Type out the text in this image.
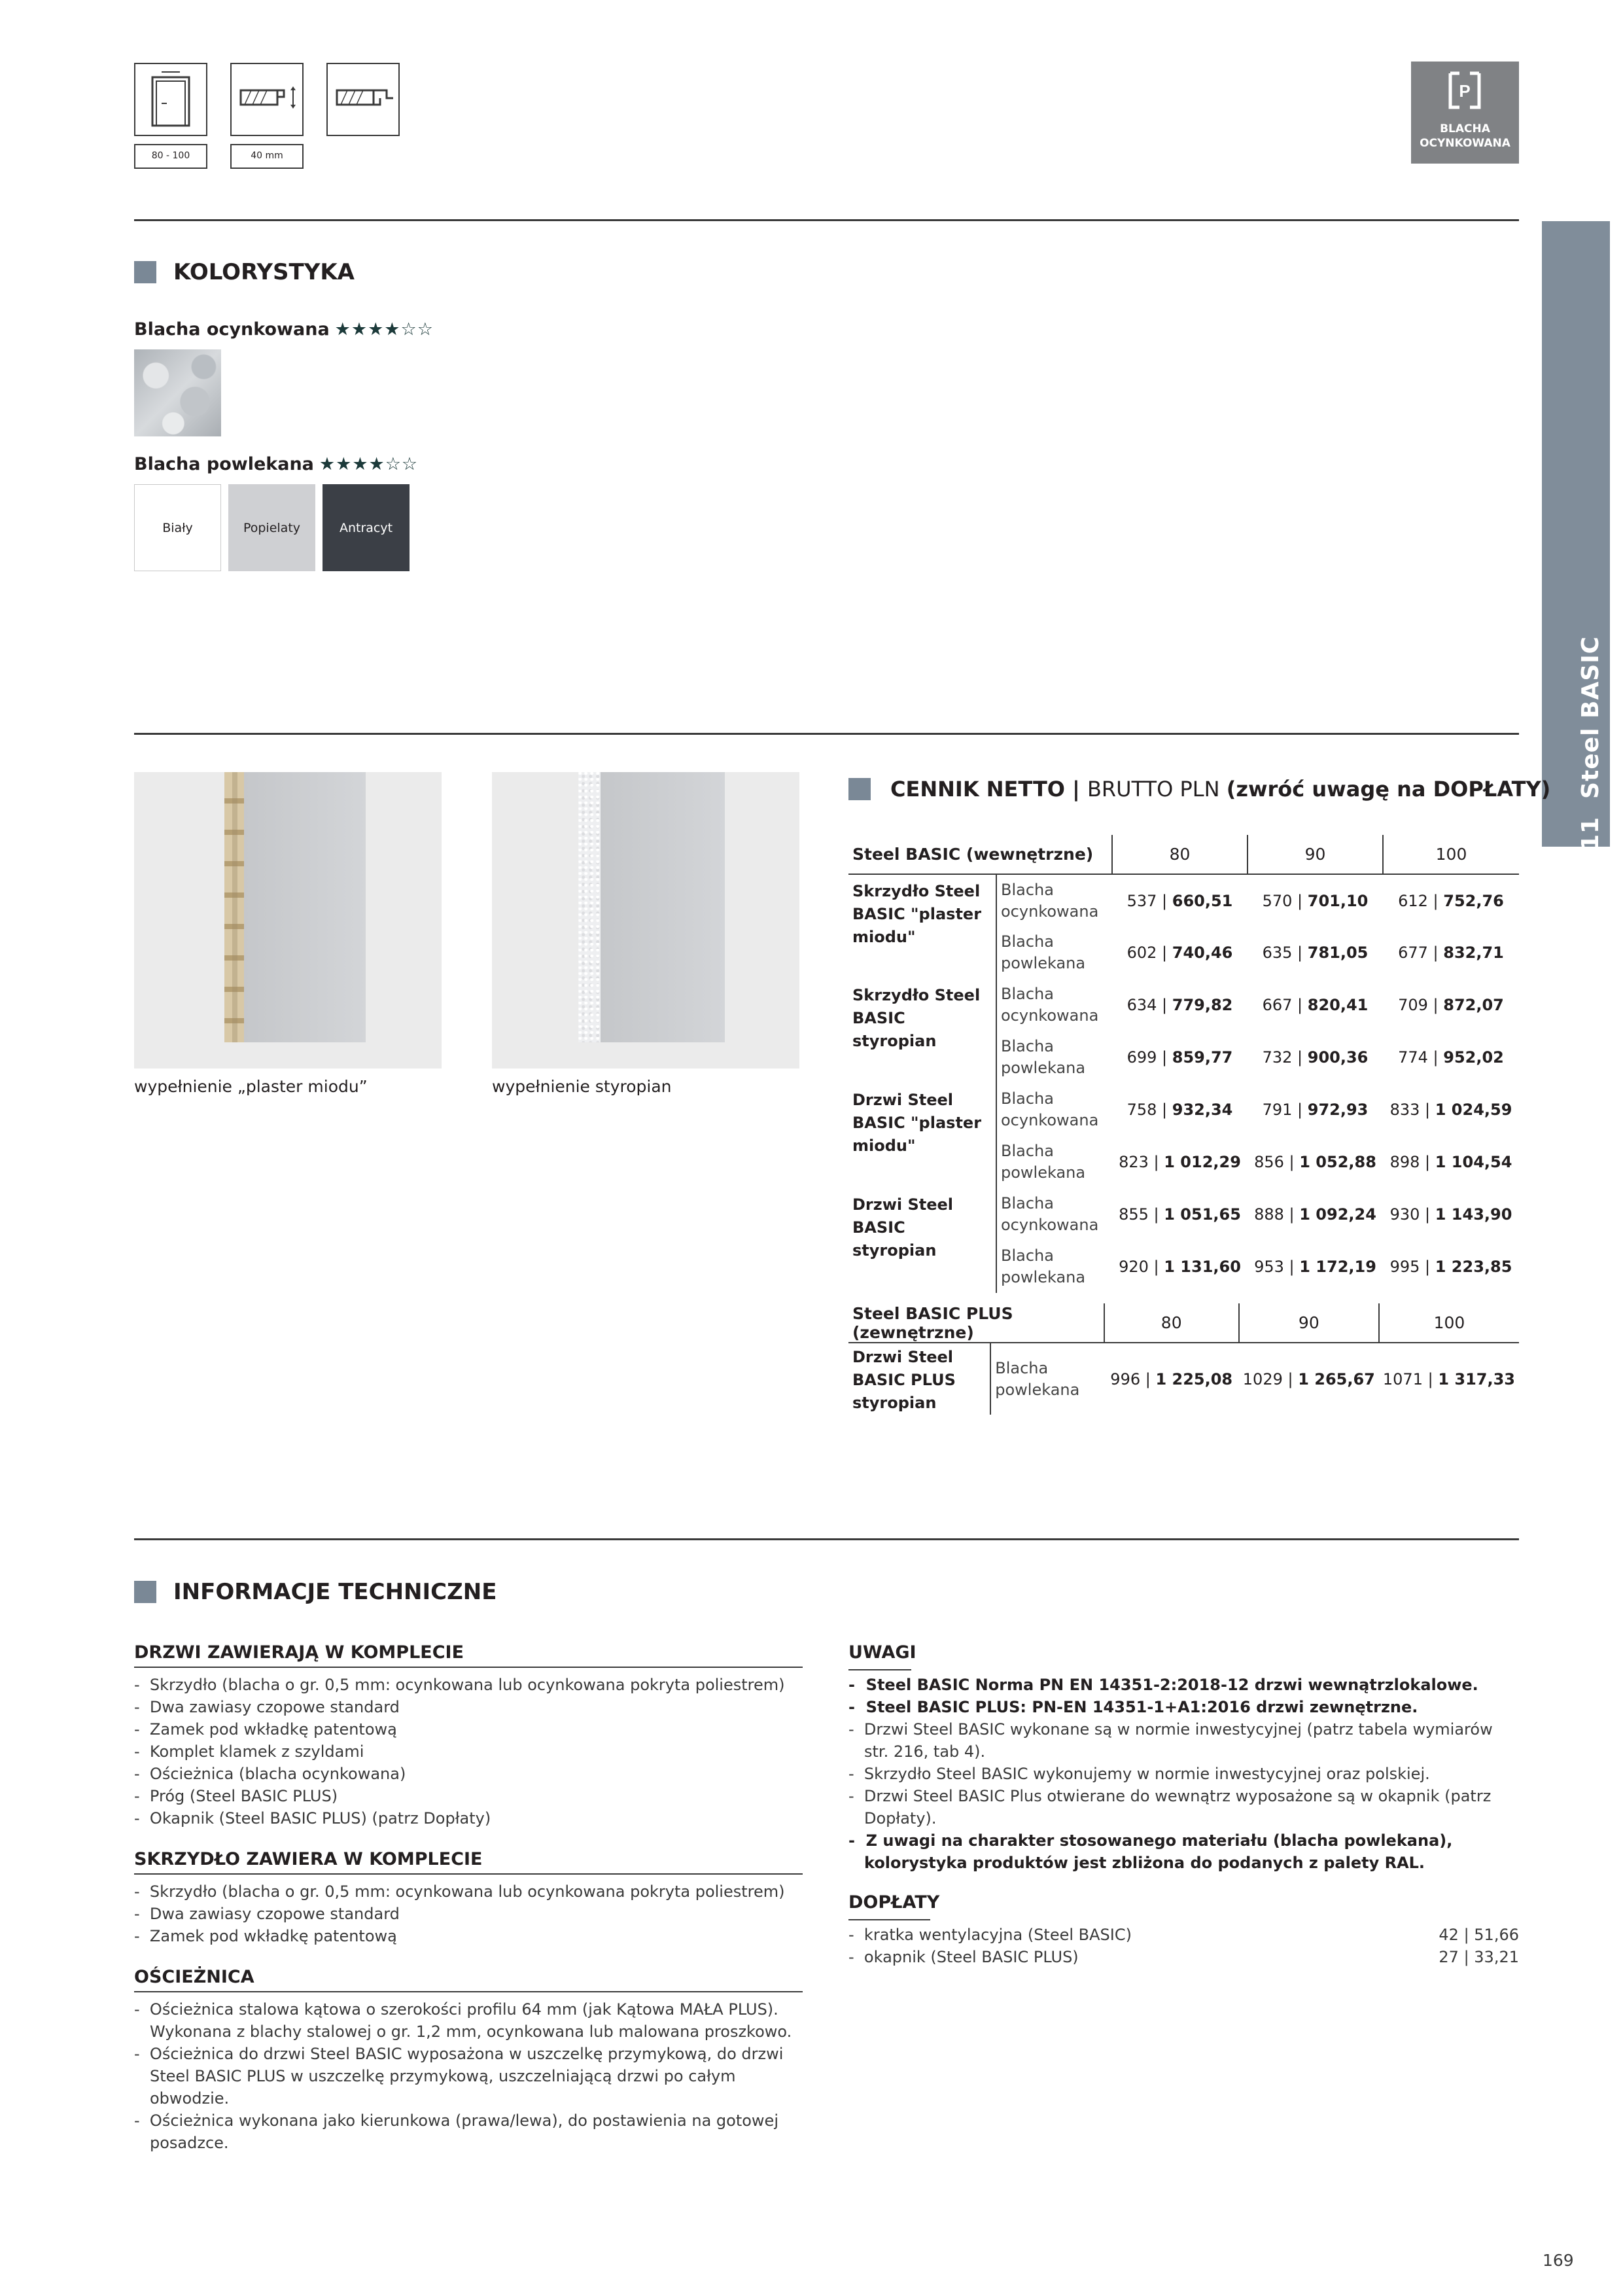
80 - 100	40 mm
P
BLACHA
OCYNKOWANA
11  Steel BASIC
KOLORYSTYKA
Blacha ocynkowana ★★★★☆☆
Blacha powlekana ★★★★☆☆
Biały	Popielaty	Antracyt
wypełnienie „plaster miodu”	wypełnienie styropian
CENNIK NETTO | BRUTTO PLN (zwróć uwagę na DOPŁATY)
Steel BASIC (wewnętrzne)		80	90	100
Skrzydło Steel BASIC "plaster miodu"	Blacha ocynkowana	537 | 660,51	570 | 701,10	612 | 752,76
	Blacha powlekana	602 | 740,46	635 | 781,05	677 | 832,71
Skrzydło Steel BASIC styropian	Blacha ocynkowana	634 | 779,82	667 | 820,41	709 | 872,07
	Blacha powlekana	699 | 859,77	732 | 900,36	774 | 952,02
Drzwi Steel BASIC "plaster miodu"	Blacha ocynkowana	758 | 932,34	791 | 972,93	833 | 1 024,59
	Blacha powlekana	823 | 1 012,29	856 | 1 052,88	898 | 1 104,54
Drzwi Steel BASIC styropian	Blacha ocynkowana	855 | 1 051,65	888 | 1 092,24	930 | 1 143,90
	Blacha powlekana	920 | 1 131,60	953 | 1 172,19	995 | 1 223,85
Steel BASIC PLUS (zewnętrzne)		80	90	100
Drzwi Steel BASIC PLUS styropian	Blacha powlekana	996 | 1 225,08	1029 | 1 265,67	1071 | 1 317,33
INFORMACJE TECHNICZNE
DRZWI ZAWIERAJĄ W KOMPLECIE
-  Skrzydło (blacha o gr. 0,5 mm: ocynkowana lub ocynkowana pokryta poliestrem)
-  Dwa zawiasy czopowe standard
-  Zamek pod wkładkę patentową
-  Komplet klamek z szyldami
-  Ościeżnica (blacha ocynkowana)
-  Próg (Steel BASIC PLUS)
-  Okapnik (Steel BASIC PLUS) (patrz Dopłaty)
SKRZYDŁO ZAWIERA W KOMPLECIE
-  Skrzydło (blacha o gr. 0,5 mm: ocynkowana lub ocynkowana pokryta poliestrem)
-  Dwa zawiasy czopowe standard
-  Zamek pod wkładkę patentową
OŚCIEŻNICA
-  Ościeżnica stalowa kątowa o szerokości profilu 64 mm (jak Kątowa MAŁA PLUS). Wykonana z blachy stalowej o gr. 1,2 mm, ocynkowana lub malowana proszkowo.
-  Ościeżnica do drzwi Steel BASIC wyposażona w uszczelkę przymykową, do drzwi Steel BASIC PLUS w uszczelkę przymykową, uszczelniającą drzwi po całym obwodzie.
-  Ościeżnica wykonana jako kierunkowa (prawa/lewa), do postawienia na gotowej posadzce.
UWAGI
-  Steel BASIC Norma PN EN 14351-2:2018-12 drzwi wewnątrzlokalowe.
-  Steel BASIC PLUS: PN-EN 14351-1+A1:2016 drzwi zewnętrzne.
-  Drzwi Steel BASIC wykonane są w normie inwestycyjnej (patrz tabela wymiarów str. 216, tab 4).
-  Skrzydło Steel BASIC wykonujemy w normie inwestycyjnej oraz polskiej.
-  Drzwi Steel BASIC Plus otwierane do wewnątrz wyposażone są w okapnik (patrz Dopłaty).
-  Z uwagi na charakter stosowanego materiału (blacha powlekana), kolorystyka produktów jest zbliżona do podanych z palety RAL.
DOPŁATY
-  kratka wentylacyjna (Steel BASIC)	42 | 51,66
-  okapnik (Steel BASIC PLUS)	27 | 33,21
169
